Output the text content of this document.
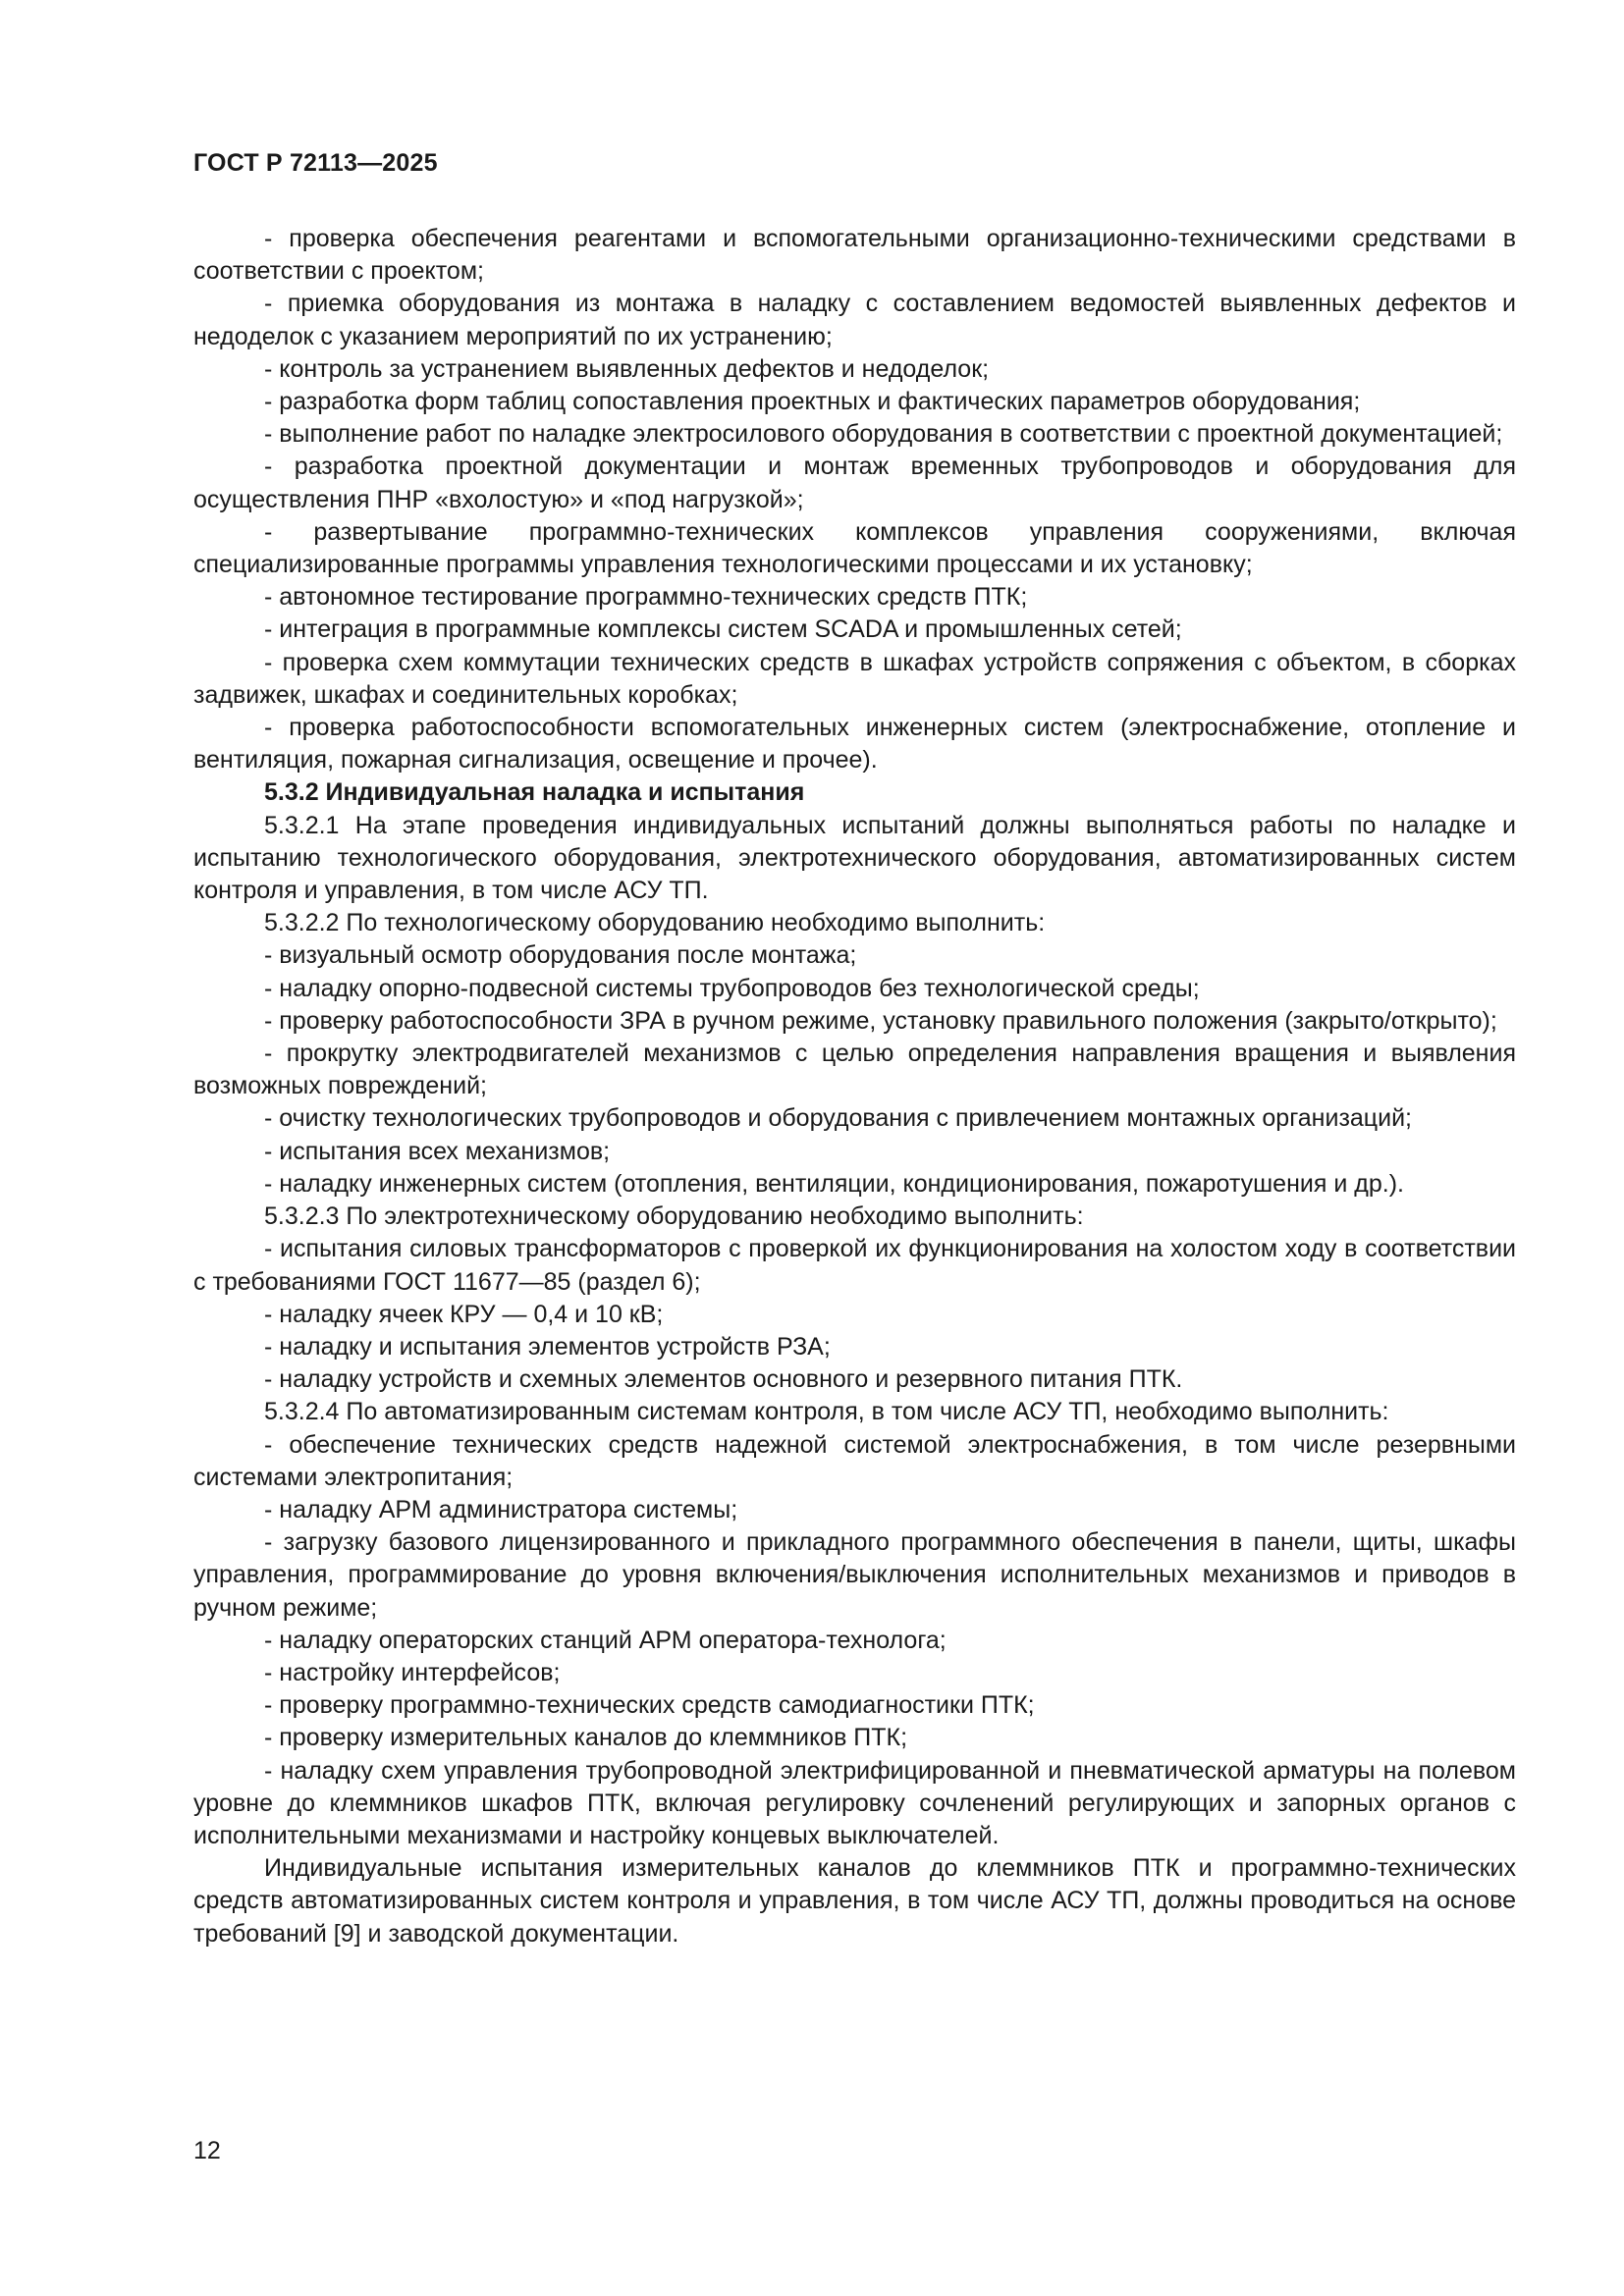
ГОСТ Р 72113—2025

- проверка обеспечения реагентами и вспомогательными организационно-техническими средствами в соответствии с проектом;

- приемка оборудования из монтажа в наладку с составлением ведомостей выявленных дефектов и недоделок с указанием мероприятий по их устранению;

- контроль за устранением выявленных дефектов и недоделок;

- разработка форм таблиц сопоставления проектных и фактических параметров оборудования;

- выполнение работ по наладке электросилового оборудования в соответствии с проектной документацией;

- разработка проектной документации и монтаж временных трубопроводов и оборудования для осуществления ПНР «вхолостую» и «под нагрузкой»;

- развертывание программно-технических комплексов управления сооружениями, включая специализированные программы управления технологическими процессами и их установку;

- автономное тестирование программно-технических средств ПТК;

- интеграция в программные комплексы систем SCADA и промышленных сетей;

- проверка схем коммутации технических средств в шкафах устройств сопряжения с объектом, в сборках задвижек, шкафах и соединительных коробках;

- проверка работоспособности вспомогательных инженерных систем (электроснабжение, отопление и вентиляция, пожарная сигнализация, освещение и прочее).

5.3.2 Индивидуальная наладка и испытания

5.3.2.1 На этапе проведения индивидуальных испытаний должны выполняться работы по наладке и испытанию технологического оборудования, электротехнического оборудования, автоматизированных систем контроля и управления, в том числе АСУ ТП.

5.3.2.2 По технологическому оборудованию необходимо выполнить:

- визуальный осмотр оборудования после монтажа;

- наладку опорно-подвесной системы трубопроводов без технологической среды;

- проверку работоспособности ЗРА в ручном режиме, установку правильного положения (закрыто/открыто);

- прокрутку электродвигателей механизмов с целью определения направления вращения и выявления возможных повреждений;

- очистку технологических трубопроводов и оборудования с привлечением монтажных организаций;

- испытания всех механизмов;

- наладку инженерных систем (отопления, вентиляции, кондиционирования, пожаротушения и др.).

5.3.2.3 По электротехническому оборудованию необходимо выполнить:

- испытания силовых трансформаторов с проверкой их функционирования на холостом ходу в соответствии с требованиями ГОСТ 11677—85 (раздел 6);

- наладку ячеек КРУ — 0,4 и 10 кВ;

- наладку и испытания элементов устройств РЗА;

- наладку устройств и схемных элементов основного и резервного питания ПТК.

5.3.2.4 По автоматизированным системам контроля, в том числе АСУ ТП, необходимо выполнить:

- обеспечение технических средств надежной системой электроснабжения, в том числе резервными системами электропитания;

- наладку АРМ администратора системы;

- загрузку базового лицензированного и прикладного программного обеспечения в панели, щиты, шкафы управления, программирование до уровня включения/выключения исполнительных механизмов и приводов в ручном режиме;

- наладку операторских станций АРМ оператора-технолога;

- настройку интерфейсов;

- проверку программно-технических средств самодиагностики ПТК;

- проверку измерительных каналов до клеммников ПТК;

- наладку схем управления трубопроводной электрифицированной и пневматической арматуры на полевом уровне до клеммников шкафов ПТК, включая регулировку сочленений регулирующих и запорных органов с исполнительными механизмами и настройку концевых выключателей.

Индивидуальные испытания измерительных каналов до клеммников ПТК и программно-технических средств автоматизированных систем контроля и управления, в том числе АСУ ТП, должны проводиться на основе требований [9] и заводской документации.

12
